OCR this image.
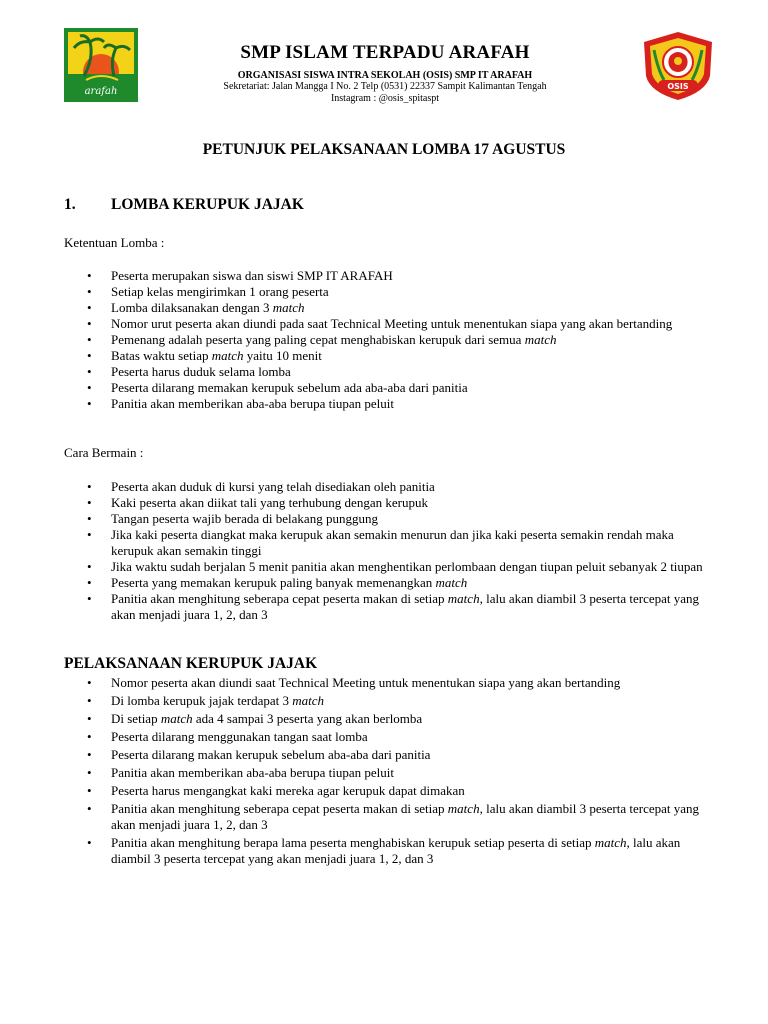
arafah	OSIS
SMP ISLAM TERPADU ARAFAH
ORGANISASI SISWA INTRA SEKOLAH (OSIS) SMP IT ARAFAH
Sekretariat: Jalan Mangga I No. 2 Telp (0531) 22337 Sampit Kalimantan Tengah
Instagram : @osis_spitaspt
PETUNJUK PELAKSANAAN LOMBA 17 AGUSTUS
1. LOMBA KERUPUK JAJAK
Ketentuan Lomba :
• Peserta merupakan siswa dan siswi SMP IT ARAFAH
• Setiap kelas mengirimkan 1 orang peserta
• Lomba dilaksanakan dengan 3 match
• Nomor urut peserta akan diundi pada saat Technical Meeting untuk menentukan siapa yang akan bertanding
• Pemenang adalah peserta yang paling cepat menghabiskan kerupuk dari semua match
• Batas waktu setiap match yaitu 10 menit
• Peserta harus duduk selama lomba
• Peserta dilarang memakan kerupuk sebelum ada aba-aba dari panitia
• Panitia akan memberikan aba-aba berupa tiupan peluit
Cara Bermain :
• Peserta akan duduk di kursi yang telah disediakan oleh panitia
• Kaki peserta akan diikat tali yang terhubung dengan kerupuk
• Tangan peserta wajib berada di belakang punggung
• Jika kaki peserta diangkat maka kerupuk akan semakin menurun dan jika kaki peserta semakin rendah maka kerupuk akan semakin tinggi
• Jika waktu sudah berjalan 5 menit panitia akan menghentikan perlombaan dengan tiupan peluit sebanyak 2 tiupan
• Peserta yang memakan kerupuk paling banyak memenangkan match
• Panitia akan menghitung seberapa cepat peserta makan di setiap match, lalu akan diambil 3 peserta tercepat yang akan menjadi juara 1, 2, dan 3
PELAKSANAAN KERUPUK JAJAK
• Nomor peserta akan diundi saat Technical Meeting untuk menentukan siapa yang akan bertanding
• Di lomba kerupuk jajak terdapat 3 match
• Di setiap match ada 4 sampai 3 peserta yang akan berlomba
• Peserta dilarang menggunakan tangan saat lomba
• Peserta dilarang makan kerupuk sebelum aba-aba dari panitia
• Panitia akan memberikan aba-aba berupa tiupan peluit
• Peserta harus mengangkat kaki mereka agar kerupuk dapat dimakan
• Panitia akan menghitung seberapa cepat peserta makan di setiap match, lalu akan diambil 3 peserta tercepat yang akan menjadi juara 1, 2, dan 3
• Panitia akan menghitung berapa lama peserta menghabiskan kerupuk setiap peserta di setiap match, lalu akan diambil 3 peserta tercepat yang akan menjadi juara 1, 2, dan 3
